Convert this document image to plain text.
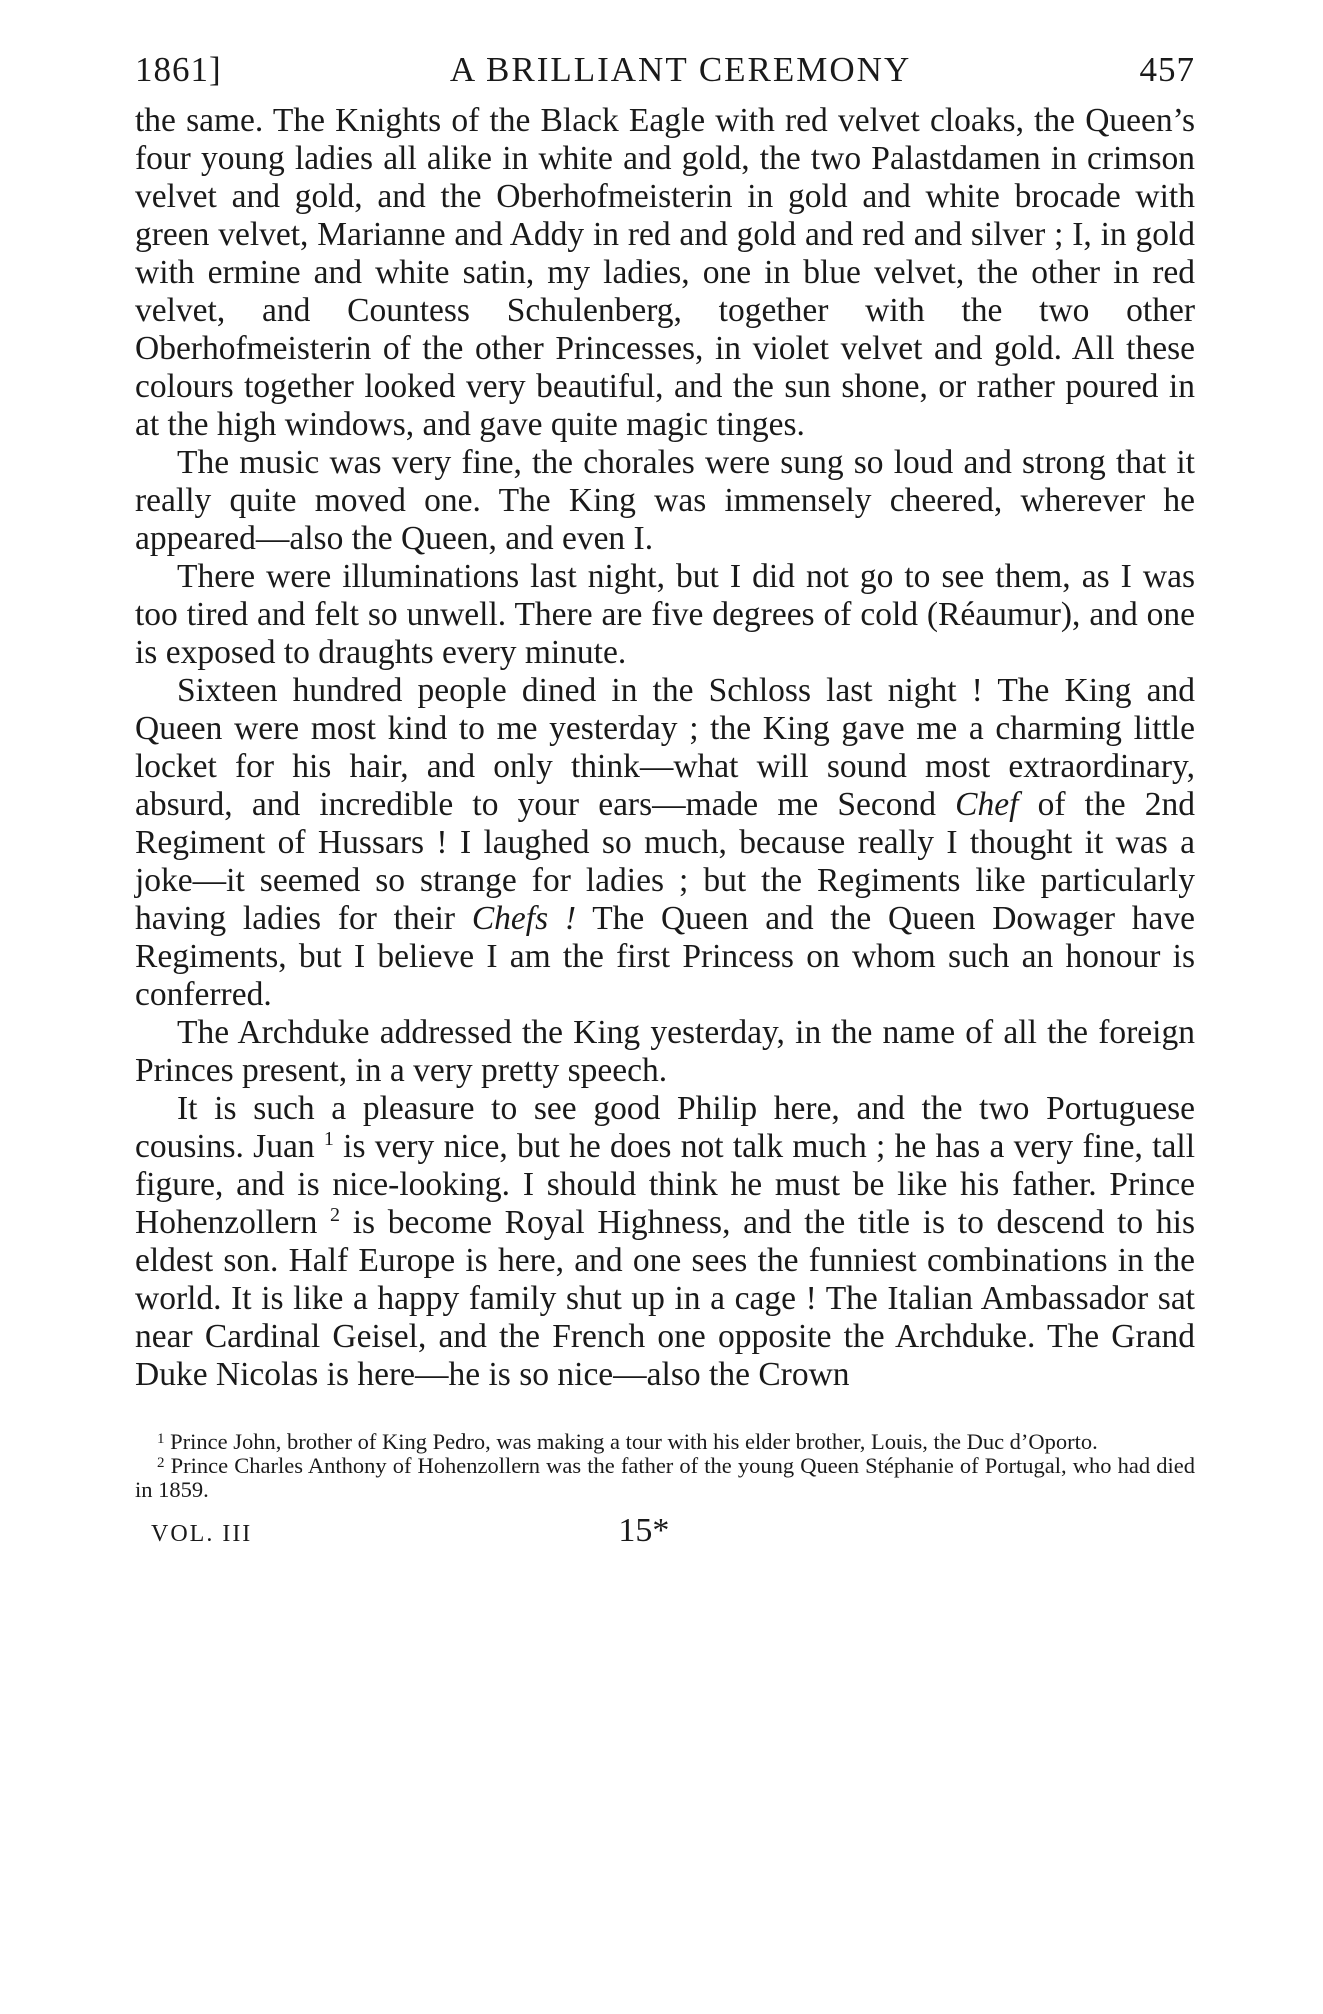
1861]	A BRILLIANT CEREMONY	457

the same. The Knights of the Black Eagle with red velvet cloaks, the Queen’s four young ladies all alike in white and gold, the two Palastdamen in crimson velvet and gold, and the Oberhofmeisterin in gold and white brocade with green velvet, Marianne and Addy in red and gold and red and silver ; I, in gold with ermine and white satin, my ladies, one in blue velvet, the other in red velvet, and Countess Schulenberg, together with the two other Oberhofmeisterin of the other Princesses, in violet velvet and gold. All these colours together looked very beautiful, and the sun shone, or rather poured in at the high windows, and gave quite magic tinges.

The music was very fine, the chorales were sung so loud and strong that it really quite moved one. The King was immensely cheered, wherever he appeared—also the Queen, and even I.

There were illuminations last night, but I did not go to see them, as I was too tired and felt so unwell. There are five degrees of cold (Réaumur), and one is exposed to draughts every minute.

Sixteen hundred people dined in the Schloss last night ! The King and Queen were most kind to me yesterday ; the King gave me a charming little locket for his hair, and only think—what will sound most extraordinary, absurd, and incredible to your ears—made me Second Chef of the 2nd Regiment of Hussars ! I laughed so much, because really I thought it was a joke—it seemed so strange for ladies ; but the Regiments like particularly having ladies for their Chefs ! The Queen and the Queen Dowager have Regiments, but I believe I am the first Princess on whom such an honour is conferred.

The Archduke addressed the King yesterday, in the name of all the foreign Princes present, in a very pretty speech.

It is such a pleasure to see good Philip here, and the two Portuguese cousins. Juan $^1$ is very nice, but he does not talk much ; he has a very fine, tall figure, and is nice-looking. I should think he must be like his father. Prince Hohenzollern $^2$ is become Royal Highness, and the title is to descend to his eldest son. Half Europe is here, and one sees the funniest combinations in the world. It is like a happy family shut up in a cage ! The Italian Ambassador sat near Cardinal Geisel, and the French one opposite the Archduke. The Grand Duke Nicolas is here—he is so nice—also the Crown

$^1$ Prince John, brother of King Pedro, was making a tour with his elder brother, Louis, the Duc d’Oporto.

$^2$ Prince Charles Anthony of Hohenzollern was the father of the young Queen Stéphanie of Portugal, who had died in 1859.

VOL. III	15*
